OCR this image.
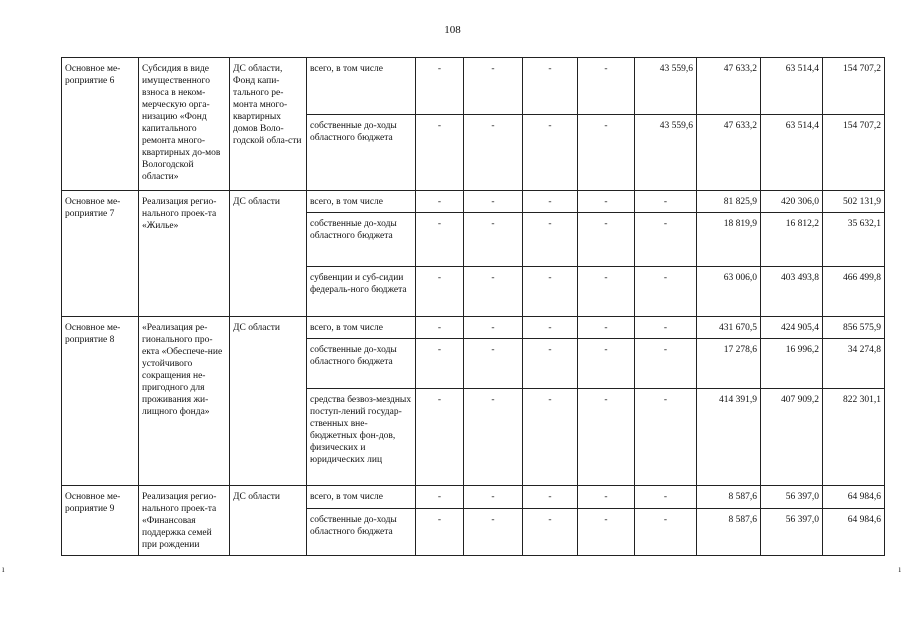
108
Основное ме-роприятие 6	Субсидия в виде имущественного взноса в неком-мерческую орга-низацию «Фонд капитального ремонта много-квартирных до-мов Вологодской области»	ДС области, Фонд капи-тального ре-монта много-квартирных домов Воло-годской обла-сти	всего, в том числе	-	-	-	-	43 559,6	47 633,2	63 514,4	154 707,2
			собственные до-ходы областного бюджета	-	-	-	-	43 559,6	47 633,2	63 514,4	154 707,2
Основное ме-роприятие 7	Реализация регио-нального проек-та «Жилье»	ДС области	всего, в том числе	-	-	-	-	-	81 825,9	420 306,0	502 131,9
			собственные до-ходы областного бюджета	-	-	-	-	-	18 819,9	16 812,2	35 632,1
			субвенции и суб-сидии федераль-ного бюджета	-	-	-	-	-	63 006,0	403 493,8	466 499,8
Основное ме-роприятие 8	«Реализация ре-гионального про-екта «Обеспече-ние устойчивого сокращения не-пригодного для проживания жи-лищного фонда»	ДС области	всего, в том числе	-	-	-	-	-	431 670,5	424 905,4	856 575,9
			собственные до-ходы областного бюджета	-	-	-	-	-	17 278,6	16 996,2	34 274,8
			средства безвоз-мездных поступ-лений государ-ственных вне-бюджетных фон-дов, физических и юридических лиц	-	-	-	-	-	414 391,9	407 909,2	822 301,1
Основное ме-роприятие 9	Реализация регио-нального проек-та «Финансовая поддержка семей при рождении	ДС области	всего, в том числе	-	-	-	-	-	8 587,6	56 397,0	64 984,6
			собственные до-ходы областного бюджета	-	-	-	-	-	8 587,6	56 397,0	64 984,6
ı	ı
